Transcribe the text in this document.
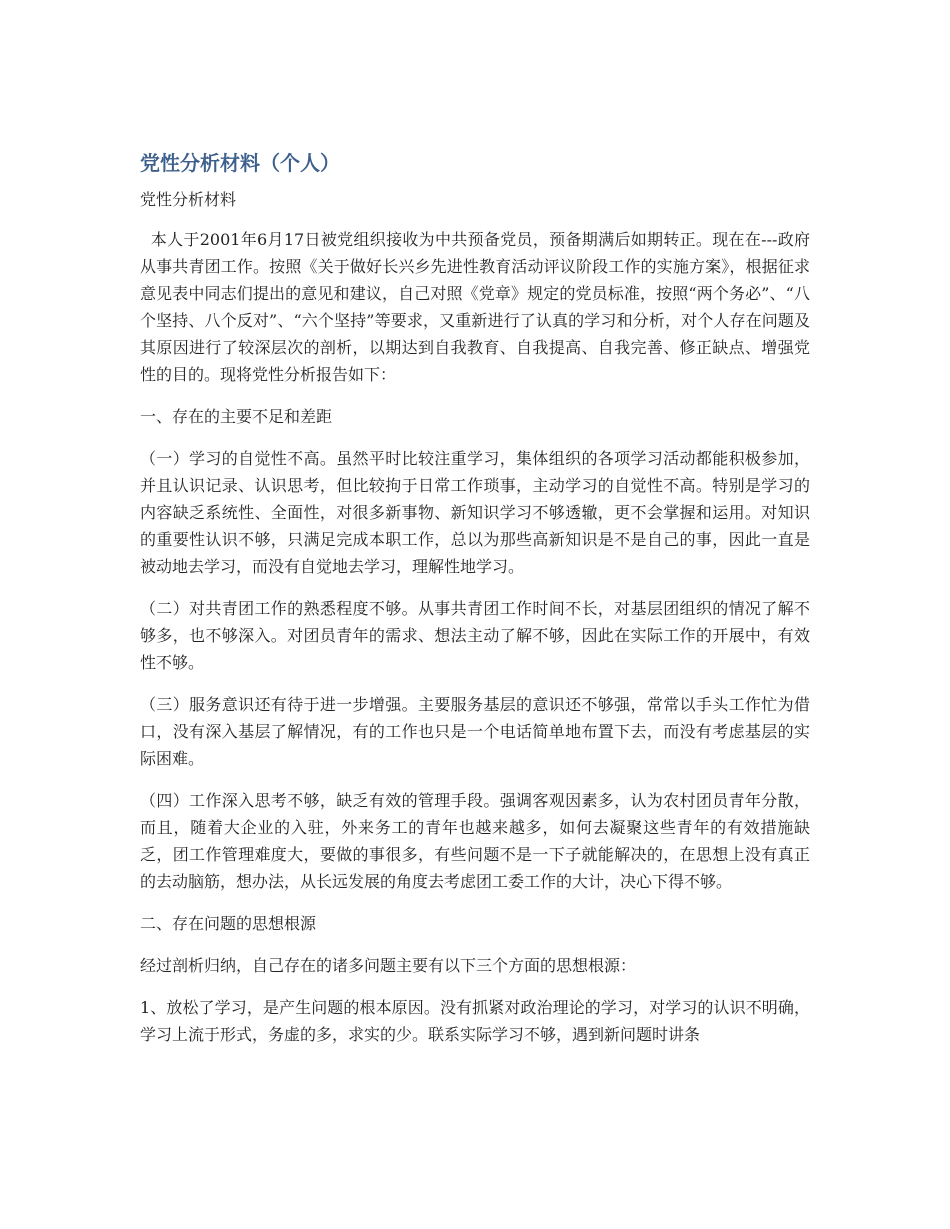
党性分析材料（个人）
党性分析材料

本人于2001年6月17日被党组织接收为中共预备党员，预备期满后如期转正。现在在---政府从事共青团工作。按照《关于做好长兴乡先进性教育活动评议阶段工作的实施方案》，根据征求意见表中同志们提出的意见和建议，自己对照《党章》规定的党员标准，按照“两个务必”、“八个坚持、八个反对”、“六个坚持”等要求，又重新进行了认真的学习和分析，对个人存在问题及其原因进行了较深层次的剖析，以期达到自我教育、自我提高、自我完善、修正缺点、增强党性的目的。现将党性分析报告如下：

一、存在的主要不足和差距

（一）学习的自觉性不高。虽然平时比较注重学习，集体组织的各项学习活动都能积极参加，并且认识记录、认识思考，但比较拘于日常工作琐事，主动学习的自觉性不高。特别是学习的内容缺乏系统性、全面性，对很多新事物、新知识学习不够透辙，更不会掌握和运用。对知识的重要性认识不够，只满足完成本职工作，总以为那些高新知识是不是自己的事，因此一直是被动地去学习，而没有自觉地去学习，理解性地学习。

（二）对共青团工作的熟悉程度不够。从事共青团工作时间不长，对基层团组织的情况了解不够多，也不够深入。对团员青年的需求、想法主动了解不够，因此在实际工作的开展中，有效性不够。

（三）服务意识还有待于进一步增强。主要服务基层的意识还不够强，常常以手头工作忙为借口，没有深入基层了解情况，有的工作也只是一个电话简单地布置下去，而没有考虑基层的实际困难。

（四）工作深入思考不够，缺乏有效的管理手段。强调客观因素多，认为农村团员青年分散，而且，随着大企业的入驻，外来务工的青年也越来越多，如何去凝聚这些青年的有效措施缺乏，团工作管理难度大，要做的事很多，有些问题不是一下子就能解决的，在思想上没有真正的去动脑筋，想办法，从长远发展的角度去考虑团工委工作的大计，决心下得不够。

二、存在问题的思想根源

经过剖析归纳，自己存在的诸多问题主要有以下三个方面的思想根源：

1、放松了学习，是产生问题的根本原因。没有抓紧对政治理论的学习，对学习的认识不明确，学习上流于形式，务虚的多，求实的少。联系实际学习不够，遇到新问题时讲条
